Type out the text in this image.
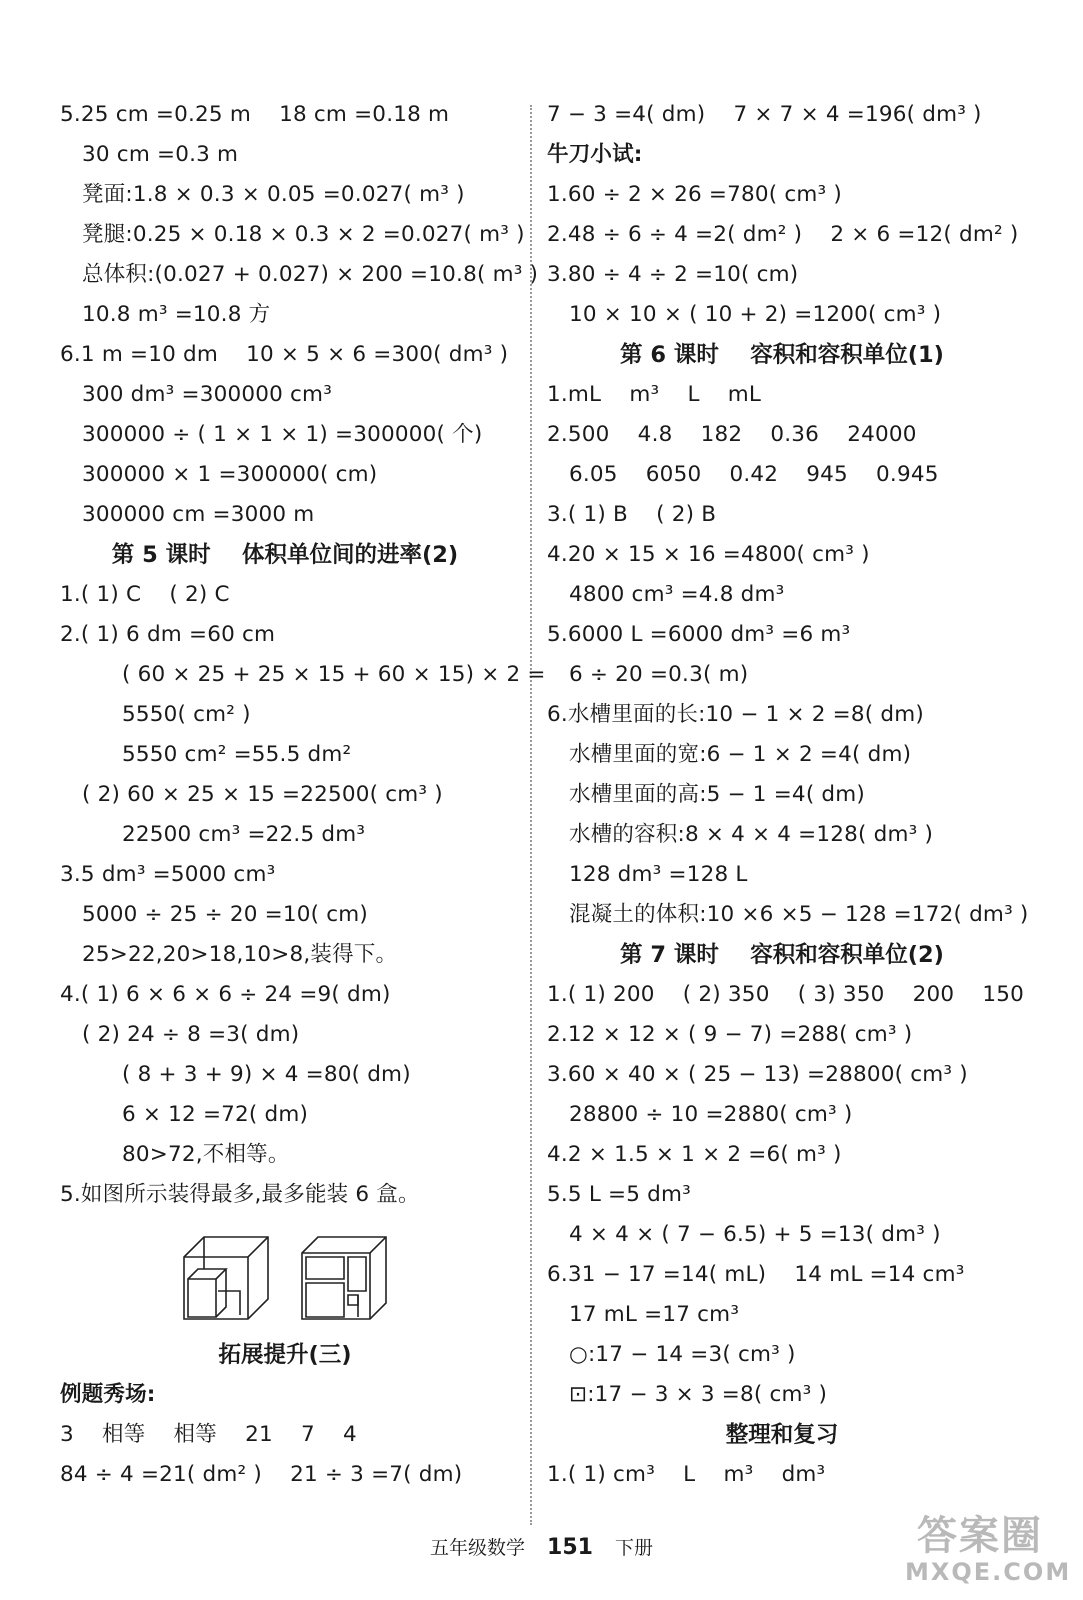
5.25 cm =0.25 m    18 cm =0.18 m
30 cm =0.3 m
凳面:1.8 × 0.3 × 0.05 =0.027( m³ )
凳腿:0.25 × 0.18 × 0.3 × 2 =0.027( m³ )
总体积:(0.027 + 0.027) × 200 =10.8( m³ )
10.8 m³ =10.8 方
6.1 m =10 dm    10 × 5 × 6 =300( dm³ )
300 dm³ =300000 cm³
300000 ÷ ( 1 × 1 × 1) =300000( 个)
300000 × 1 =300000( cm)
300000 cm =3000 m
第 5 课时    体积单位间的进率(2)
1.( 1) C    ( 2) C
2.( 1) 6 dm =60 cm
( 60 × 25 + 25 × 15 + 60 × 15) × 2 =
5550( cm² )
5550 cm² =55.5 dm²
( 2) 60 × 25 × 15 =22500( cm³ )
22500 cm³ =22.5 dm³
3.5 dm³ =5000 cm³
5000 ÷ 25 ÷ 20 =10( cm)
25>22,20>18,10>8,装得下。
4.( 1) 6 × 6 × 6 ÷ 24 =9( dm)
( 2) 24 ÷ 8 =3( dm)
( 8 + 3 + 9) × 4 =80( dm)
6 × 12 =72( dm)
80>72,不相等。
5.如图所示装得最多,最多能装 6 盒。
拓展提升(三)
例题秀场:
3    相等    相等    21    7    4
84 ÷ 4 =21( dm² )    21 ÷ 3 =7( dm)
7 − 3 =4( dm)    7 × 7 × 4 =196( dm³ )
牛刀小试:
1.60 ÷ 2 × 26 =780( cm³ )
2.48 ÷ 6 ÷ 4 =2( dm² )    2 × 6 =12( dm² )
3.80 ÷ 4 ÷ 2 =10( cm)
10 × 10 × ( 10 + 2) =1200( cm³ )
第 6 课时    容积和容积单位(1)
1.mL    m³    L    mL
2.500    4.8    182    0.36    24000
6.05    6050    0.42    945    0.945
3.( 1) B    ( 2) B
4.20 × 15 × 16 =4800( cm³ )
4800 cm³ =4.8 dm³
5.6000 L =6000 dm³ =6 m³
6 ÷ 20 =0.3( m)
6.水槽里面的长:10 − 1 × 2 =8( dm)
水槽里面的宽:6 − 1 × 2 =4( dm)
水槽里面的高:5 − 1 =4( dm)
水槽的容积:8 × 4 × 4 =128( dm³ )
128 dm³ =128 L
混凝土的体积:10 ×6 ×5 − 128 =172( dm³ )
第 7 课时    容积和容积单位(2)
1.( 1) 200    ( 2) 350    ( 3) 350    200    150
2.12 × 12 × ( 9 − 7) =288( cm³ )
3.60 × 40 × ( 25 − 13) =28800( cm³ )
28800 ÷ 10 =2880( cm³ )
4.2 × 1.5 × 1 × 2 =6( m³ )
5.5 L =5 dm³
4 × 4 × ( 7 − 6.5) + 5 =13( dm³ )
6.31 − 17 =14( mL)    14 mL =14 cm³
17 mL =17 cm³
○:17 − 14 =3( cm³ )
⊡:17 − 3 × 3 =8( cm³ )
整理和复习
1.( 1) cm³    L    m³    dm³
五年级数学 151 下册	答案圈
MXQE.COM
